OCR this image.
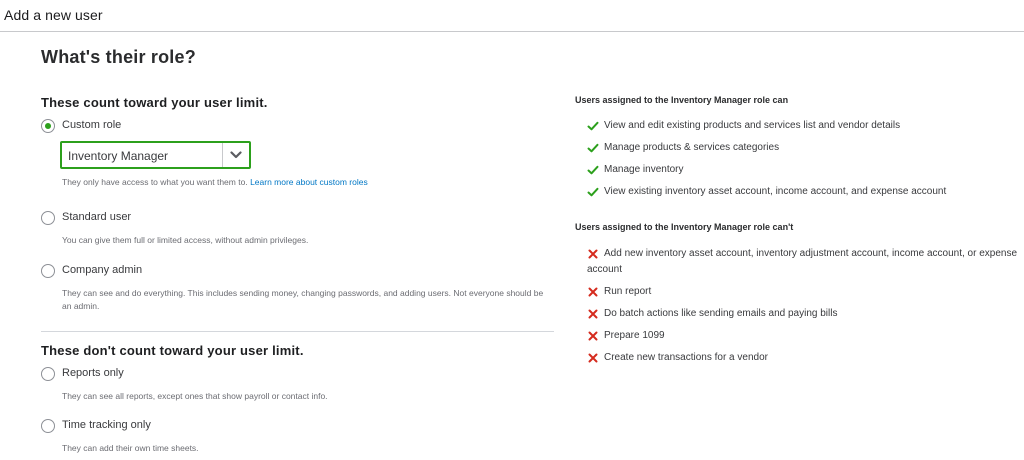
Add a new user
What's their role?
These count toward your user limit.
Custom role
Inventory Manager
They only have access to what you want them to. Learn more about custom roles
Standard user
You can give them full or limited access, without admin privileges.
Company admin
They can see and do everything. This includes sending money, changing passwords, and adding users. Not everyone should be an admin.
These don't count toward your user limit.
Reports only
They can see all reports, except ones that show payroll or contact info.
Time tracking only
They can add their own time sheets.
Users assigned to the Inventory Manager role can
View and edit existing products and services list and vendor details
Manage products & services categories
Manage inventory
View existing inventory asset account, income account, and expense account
Users assigned to the Inventory Manager role can't
Add new inventory asset account, inventory adjustment account, income account, or expense account
Run report
Do batch actions like sending emails and paying bills
Prepare 1099
Create new transactions for a vendor
